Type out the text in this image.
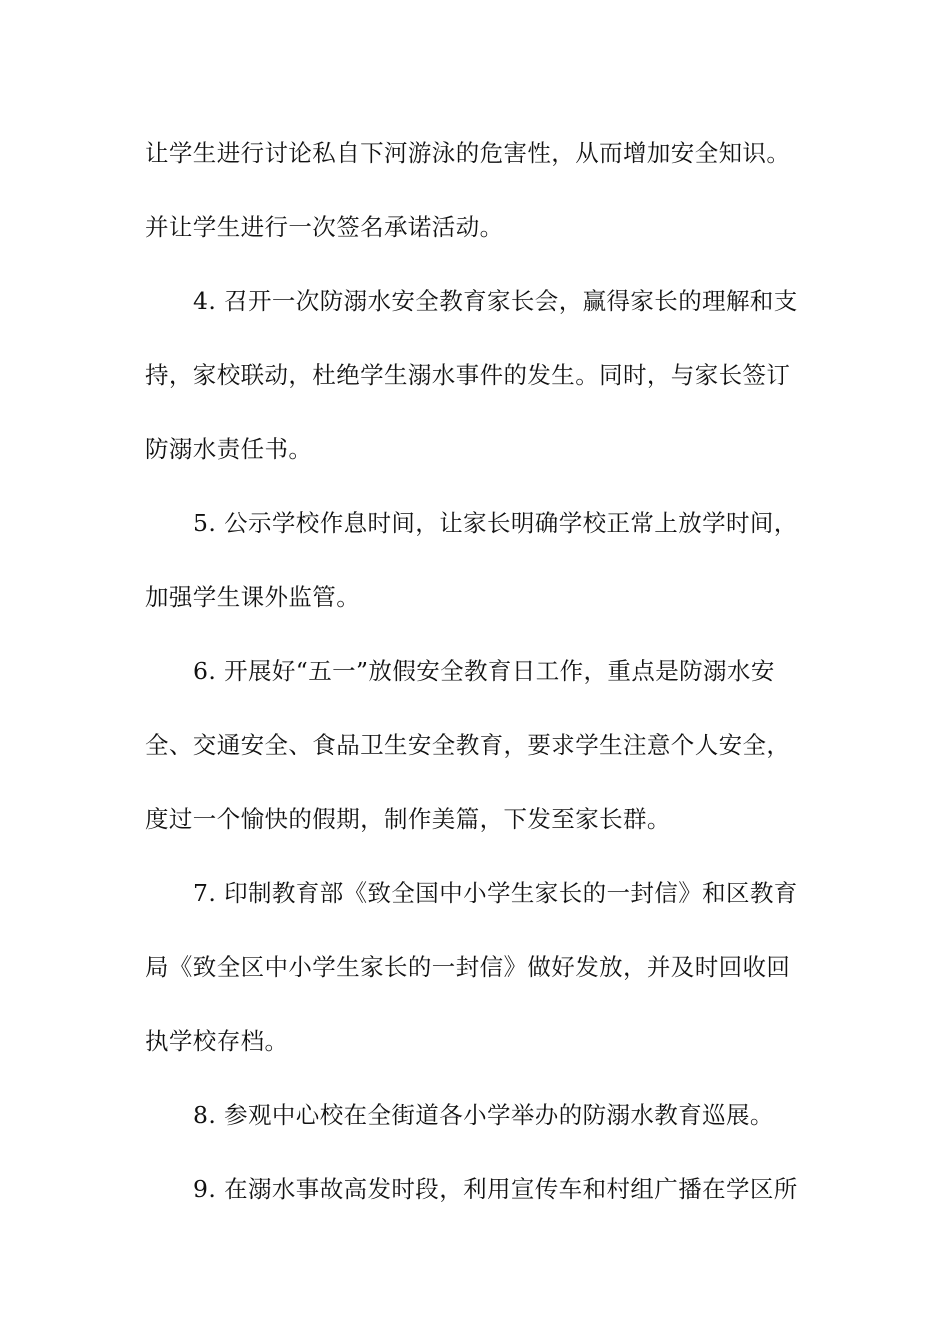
让学生进行讨论私自下河游泳的危害性，从而增加安全知识。
并让学生进行一次签名承诺活动。
4. 召开一次防溺水安全教育家长会，赢得家长的理解和支
持，家校联动，杜绝学生溺水事件的发生。同时，与家长签订
防溺水责任书。
5. 公示学校作息时间，让家长明确学校正常上放学时间，
加强学生课外监管。
6. 开展好“五一”放假安全教育日工作，重点是防溺水安
全、交通安全、食品卫生安全教育，要求学生注意个人安全，
度过一个愉快的假期，制作美篇，下发至家长群。
7. 印制教育部《致全国中小学生家长的一封信》和区教育
局《致全区中小学生家长的一封信》做好发放，并及时回收回
执学校存档。
8. 参观中心校在全街道各小学举办的防溺水教育巡展。
9. 在溺水事故高发时段，利用宣传车和村组广播在学区所
